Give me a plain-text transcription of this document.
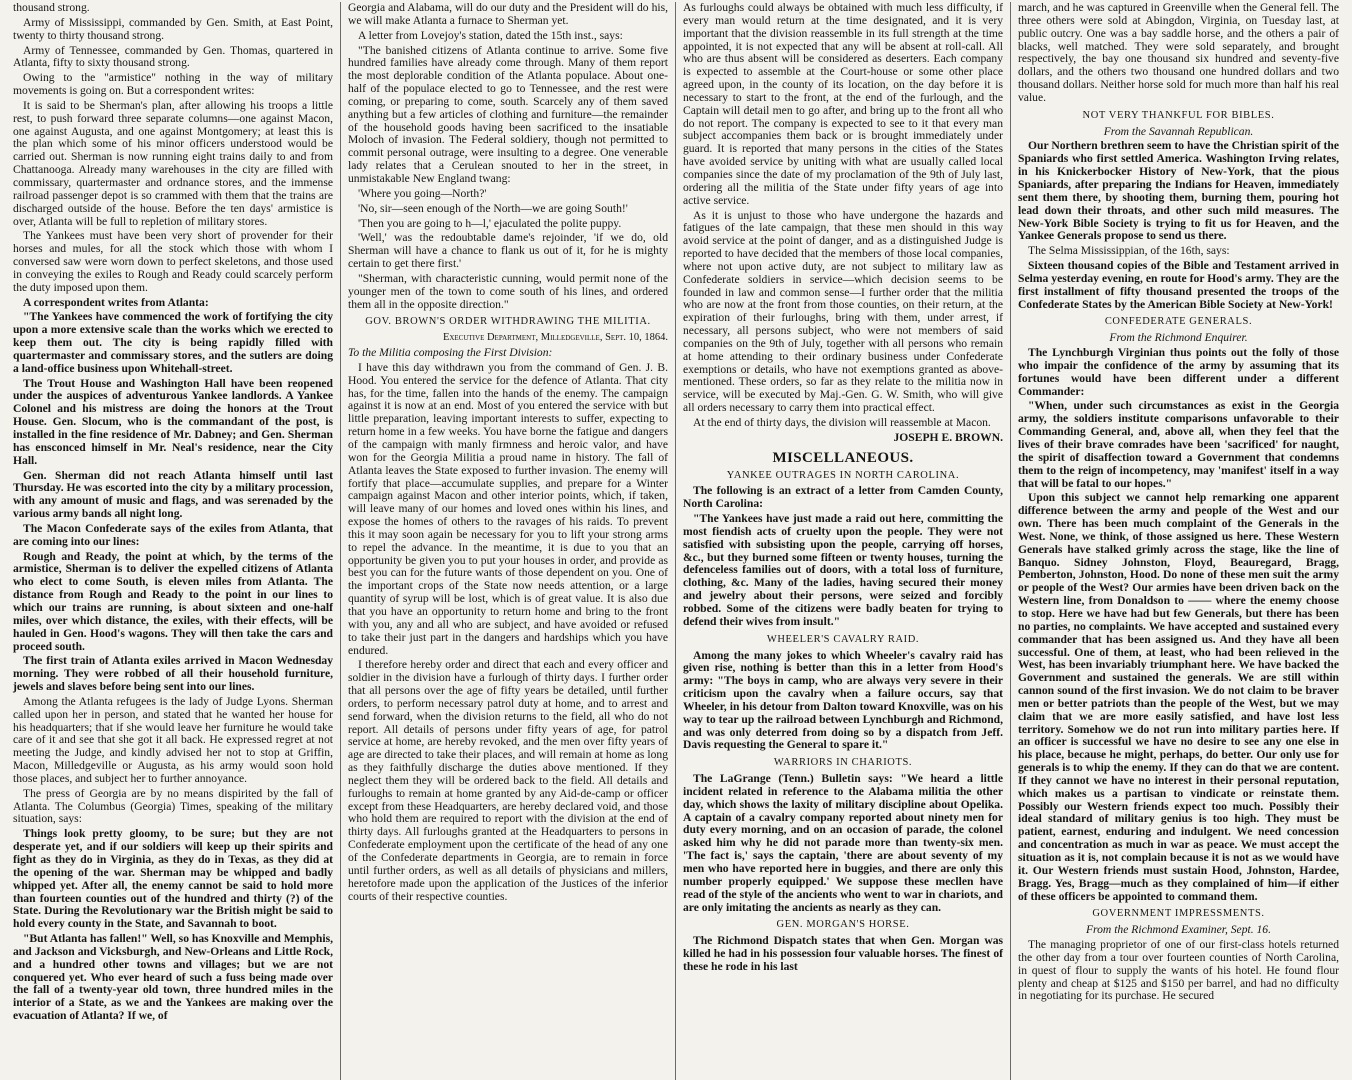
thousand strong.

Army of Mississippi, commanded by Gen. Smith, at East Point, twenty to thirty thousand strong.

Army of Tennessee, commanded by Gen. Thomas, quartered in Atlanta, fifty to sixty thousand strong.

Owing to the "armistice" nothing in the way of military movements is going on. But a correspondent writes:

It is said to be Sherman's plan, after allowing his troops a little rest, to push forward three separate columns—one against Macon, one against Augusta, and one against Montgomery; at least this is the plan which some of his minor officers understood would be carried out. Sherman is now running eight trains daily to and from Chattanooga. Already many warehouses in the city are filled with commissary, quartermaster and ordnance stores, and the immense railroad passenger depot is so crammed with them that the trains are discharged outside of the house. Before the ten days' armistice is over, Atlanta will be full to repletion of military stores.

The Yankees must have been very short of provender for their horses and mules, for all the stock which those with whom I conversed saw were worn down to perfect skeletons, and those used in conveying the exiles to Rough and Ready could scarcely perform the duty imposed upon them.

A correspondent writes from Atlanta:

"The Yankees have commenced the work of fortifying the city upon a more extensive scale than the works which we erected to keep them out. The city is being rapidly filled with quartermaster and commissary stores, and the sutlers are doing a land-office business upon Whitehall-street.

The Trout House and Washington Hall have been reopened under the auspices of adventurous Yankee landlords. A Yankee Colonel and his mistress are doing the honors at the Trout House. Gen. Slocum, who is the commandant of the post, is installed in the fine residence of Mr. Dabney; and Gen. Sherman has ensconced himself in Mr. Neal's residence, near the City Hall.

Gen. Sherman did not reach Atlanta himself until last Thursday. He was escorted into the city by a military procession, with any amount of music and flags, and was serenaded by the various army bands all night long.

The Macon Confederate says of the exiles from Atlanta, that are coming into our lines:

Rough and Ready, the point at which, by the terms of the armistice, Sherman is to deliver the expelled citizens of Atlanta who elect to come South, is eleven miles from Atlanta. The distance from Rough and Ready to the point in our lines to which our trains are running, is about sixteen and one-half miles, over which distance, the exiles, with their effects, will be hauled in Gen. Hood's wagons. They will then take the cars and proceed south.

The first train of Atlanta exiles arrived in Macon Wednesday morning. They were robbed of all their household furniture, jewels and slaves before being sent into our lines.

Among the Atlanta refugees is the lady of Judge Lyons. Sherman called upon her in person, and stated that he wanted her house for his headquarters; that if she would leave her furniture he would take care of it and see that she got it all back. He expressed regret at not meeting the Judge, and kindly advised her not to stop at Griffin, Macon, Milledgeville or Augusta, as his army would soon hold those places, and subject her to further annoyance.

The press of Georgia are by no means dispirited by the fall of Atlanta. The Columbus (Georgia) Times, speaking of the military situation, says:

Things look pretty gloomy, to be sure; but they are not desperate yet, and if our soldiers will keep up their spirits and fight as they do in Virginia, as they do in Texas, as they did at the opening of the war. Sherman may be whipped and badly whipped yet. After all, the enemy cannot be said to hold more than fourteen counties out of the hundred and thirty (?) of the State. During the Revolutionary war the British might be said to hold every county in the State, and Savannah to boot.

"But Atlanta has fallen!" Well, so has Knoxville and Memphis, and Jackson and Vicksburgh, and New-Orleans and Little Rock, and a hundred other towns and villages; but we are not conquered yet. Who ever heard of such a fuss being made over the fall of a twenty-year old town, three hundred miles in the interior of a State, as we and the Yankees are making over the evacuation of Atlanta? If we, of

Georgia and Alabama, will do our duty and the President will do his, we will make Atlanta a furnace to Sherman yet.

A letter from Lovejoy's station, dated the 15th inst., says:

"The banished citizens of Atlanta continue to arrive. Some five hundred families have already come through. Many of them report the most deplorable condition of the Atlanta populace. About one-half of the populace elected to go to Tennessee, and the rest were coming, or preparing to come, south. Scarcely any of them saved anything but a few articles of clothing and furniture—the remainder of the household goods having been sacrificed to the insatiable Moloch of invasion. The Federal soldiery, though not permitted to commit personal outrage, were insulting to a degree. One venerable lady relates that a Cerulean snouted to her in the street, in unmistakable New England twang:

'Where you going—North?'

'No, sir—seen enough of the North—we are going South!'

'Then you are going to h—l,' ejaculated the polite puppy.

'Well,' was the redoubtable dame's rejoinder, 'if we do, old Sherman will have a chance to flank us out of it, for he is mighty certain to get there first.'

"Sherman, with characteristic cunning, would permit none of the younger men of the town to come south of his lines, and ordered them all in the opposite direction."

GOV. BROWN'S ORDER WITHDRAWING THE MILITIA.

Executive Department, Milledgeville, Sept. 10, 1864.

To the Militia composing the First Division:

I have this day withdrawn you from the command of Gen. J. B. Hood. You entered the service for the defence of Atlanta. That city has, for the time, fallen into the hands of the enemy. The campaign against it is now at an end. Most of you entered the service with but little preparation, leaving important interests to suffer, expecting to return home in a few weeks. You have borne the fatigue and dangers of the campaign with manly firmness and heroic valor, and have won for the Georgia Militia a proud name in history. The fall of Atlanta leaves the State exposed to further invasion. The enemy will fortify that place—accumulate supplies, and prepare for a Winter campaign against Macon and other interior points, which, if taken, will leave many of our homes and loved ones within his lines, and expose the homes of others to the ravages of his raids. To prevent this it may soon again be necessary for you to lift your strong arms to repel the advance. In the meantime, it is due to you that an opportunity be given you to put your houses in order, and provide as best you can for the future wants of those dependent on you. One of the important crops of the State now needs attention, or a large quantity of syrup will be lost, which is of great value. It is also due that you have an opportunity to return home and bring to the front with you, any and all who are subject, and have avoided or refused to take their just part in the dangers and hardships which you have endured.

I therefore hereby order and direct that each and every officer and soldier in the division have a furlough of thirty days. I further order that all persons over the age of fifty years be detailed, until further orders, to perform necessary patrol duty at home, and to arrest and send forward, when the division returns to the field, all who do not report. All details of persons under fifty years of age, for patrol service at home, are hereby revoked, and the men over fifty years of age are directed to take their places, and will remain at home as long as they faithfully discharge the duties above mentioned. If they neglect them they will be ordered back to the field. All details and furloughs to remain at home granted by any Aid-de-camp or officer except from these Headquarters, are hereby declared void, and those who hold them are required to report with the division at the end of thirty days. All furloughs granted at the Headquarters to persons in Confederate employment upon the certificate of the head of any one of the Confederate departments in Georgia, are to remain in force until further orders, as well as all details of physicians and millers, heretofore made upon the application of the Justices of the inferior courts of their respective counties.

As furloughs could always be obtained with much less difficulty, if every man would return at the time designated, and it is very important that the division reassemble in its full strength at the time appointed, it is not expected that any will be absent at roll-call. All who are thus absent will be considered as deserters. Each company is expected to assemble at the Court-house or some other place agreed upon, in the county of its location, on the day before it is necessary to start to the front, at the end of the furlough, and the Captain will detail men to go after, and bring up to the front all who do not report. The company is expected to see to it that every man subject accompanies them back or is brought immediately under guard. It is reported that many persons in the cities of the States have avoided service by uniting with what are usually called local companies since the date of my proclamation of the 9th of July last, ordering all the militia of the State under fifty years of age into active service.

As it is unjust to those who have undergone the hazards and fatigues of the late campaign, that these men should in this way avoid service at the point of danger, and as a distinguished Judge is reported to have decided that the members of those local companies, where not upon active duty, are not subject to military law as Confederate soldiers in service—which decision seems to be founded in law and common sense—I further order that the militia who are now at the front from those counties, on their return, at the expiration of their furloughs, bring with them, under arrest, if necessary, all persons subject, who were not members of said companies on the 9th of July, together with all persons who remain at home attending to their ordinary business under Confederate exemptions or details, who have not exemptions granted as above-mentioned. These orders, so far as they relate to the militia now in service, will be executed by Maj.-Gen. G. W. Smith, who will give all orders necessary to carry them into practical effect.

At the end of thirty days, the division will reassemble at Macon.

JOSEPH E. BROWN.

MISCELLANEOUS.
YANKEE OUTRAGES IN NORTH CAROLINA.

The following is an extract of a letter from Camden County, North Carolina:

"The Yankees have just made a raid out here, committing the most fiendish acts of cruelty upon the people. They were not satisfied with subsisting upon the people, carrying off horses, &c., but they burned some fifteen or twenty houses, turning the defenceless families out of doors, with a total loss of furniture, clothing, &c. Many of the ladies, having secured their money and jewelry about their persons, were seized and forcibly robbed. Some of the citizens were badly beaten for trying to defend their wives from insult."

WHEELER'S CAVALRY RAID.

Among the many jokes to which Wheeler's cavalry raid has given rise, nothing is better than this in a letter from Hood's army: "The boys in camp, who are always very severe in their criticism upon the cavalry when a failure occurs, say that Wheeler, in his detour from Dalton toward Knoxville, was on his way to tear up the railroad between Lynchburgh and Richmond, and was only deterred from doing so by a dispatch from Jeff. Davis requesting the General to spare it."

WARRIORS IN CHARIOTS.

The LaGrange (Tenn.) Bulletin says: "We heard a little incident related in reference to the Alabama militia the other day, which shows the laxity of military discipline about Opelika. A captain of a cavalry company reported about ninety men for duty every morning, and on an occasion of parade, the colonel asked him why he did not parade more than twenty-six men. 'The fact is,' says the captain, 'there are about seventy of my men who have reported here in buggies, and there are only this number properly equipped.' We suppose these mecllen have read of the style of the ancients who went to war in chariots, and are only imitating the ancients as nearly as they can.

GEN. MORGAN'S HORSE.

The Richmond Dispatch states that when Gen. Morgan was killed he had in his possession four valuable horses. The finest of these he rode in his last

march, and he was captured in Greenville when the General fell. The three others were sold at Abingdon, Virginia, on Tuesday last, at public outcry. One was a bay saddle horse, and the others a pair of blacks, well matched. They were sold separately, and brought respectively, the bay one thousand six hundred and seventy-five dollars, and the others two thousand one hundred dollars and two thousand dollars. Neither horse sold for much more than half his real value.

NOT VERY THANKFUL FOR BIBLES.

From the Savannah Republican.

Our Northern brethren seem to have the Christian spirit of the Spaniards who first settled America. Washington Irving relates, in his Knickerbocker History of New-York, that the pious Spaniards, after preparing the Indians for Heaven, immediately sent them there, by shooting them, burning them, pouring hot lead down their throats, and other such mild measures. The New-York Bible Society is trying to fit us for Heaven, and the Yankee Generals propose to send us there.

The Selma Mississippian, of the 16th, says:

Sixteen thousand copies of the Bible and Testament arrived in Selma yesterday evening, en route for Hood's army. They are the first installment of fifty thousand presented the troops of the Confederate States by the American Bible Society at New-York!

CONFEDERATE GENERALS.

From the Richmond Enquirer.

The Lynchburgh Virginian thus points out the folly of those who impair the confidence of the army by assuming that its fortunes would have been different under a different Commander:

"When, under such circumstances as exist in the Georgia army, the soldiers institute comparisons unfavorable to their Commanding General, and, above all, when they feel that the lives of their brave comrades have been 'sacrificed' for naught, the spirit of disaffection toward a Government that condemns them to the reign of incompetency, may 'manifest' itself in a way that will be fatal to our hopes."

Upon this subject we cannot help remarking one apparent difference between the army and people of the West and our own. There has been much complaint of the Generals in the West. None, we think, of those assigned us here. These Western Generals have stalked grimly across the stage, like the line of Banquo. Sidney Johnston, Floyd, Beauregard, Bragg, Pemberton, Johnston, Hood. Do none of these men suit the army or people of the West? Our armies have been driven back on the Western line, from Donaldson to —— where the enemy choose to stop. Here we have had but few Generals, but there has been no parties, no complaints. We have accepted and sustained every commander that has been assigned us. And they have all been successful. One of them, at least, who had been relieved in the West, has been invariably triumphant here. We have backed the Government and sustained the generals. We are still within cannon sound of the first invasion. We do not claim to be braver men or better patriots than the people of the West, but we may claim that we are more easily satisfied, and have lost less territory. Somehow we do not run into military parties here. If an officer is successful we have no desire to see any one else in his place, because he might, perhaps, do better. Our only use for generals is to whip the enemy. If they can do that we are content. If they cannot we have no interest in their personal reputation, which makes us a partisan to vindicate or reinstate them. Possibly our Western friends expect too much. Possibly their ideal standard of military genius is too high. They must be patient, earnest, enduring and indulgent. We need concession and concentration as much in war as peace. We must accept the situation as it is, not complain because it is not as we would have it. Our Western friends must sustain Hood, Johnston, Hardee, Bragg. Yes, Bragg—much as they complained of him—if either of these officers be appointed to command them.

GOVERNMENT IMPRESSMENTS.

From the Richmond Examiner, Sept. 16.

The managing proprietor of one of our first-class hotels returned the other day from a tour over fourteen counties of North Carolina, in quest of flour to supply the wants of his hotel. He found flour plenty and cheap at $125 and $150 per barrel, and had no difficulty in negotiating for its purchase. He secured
